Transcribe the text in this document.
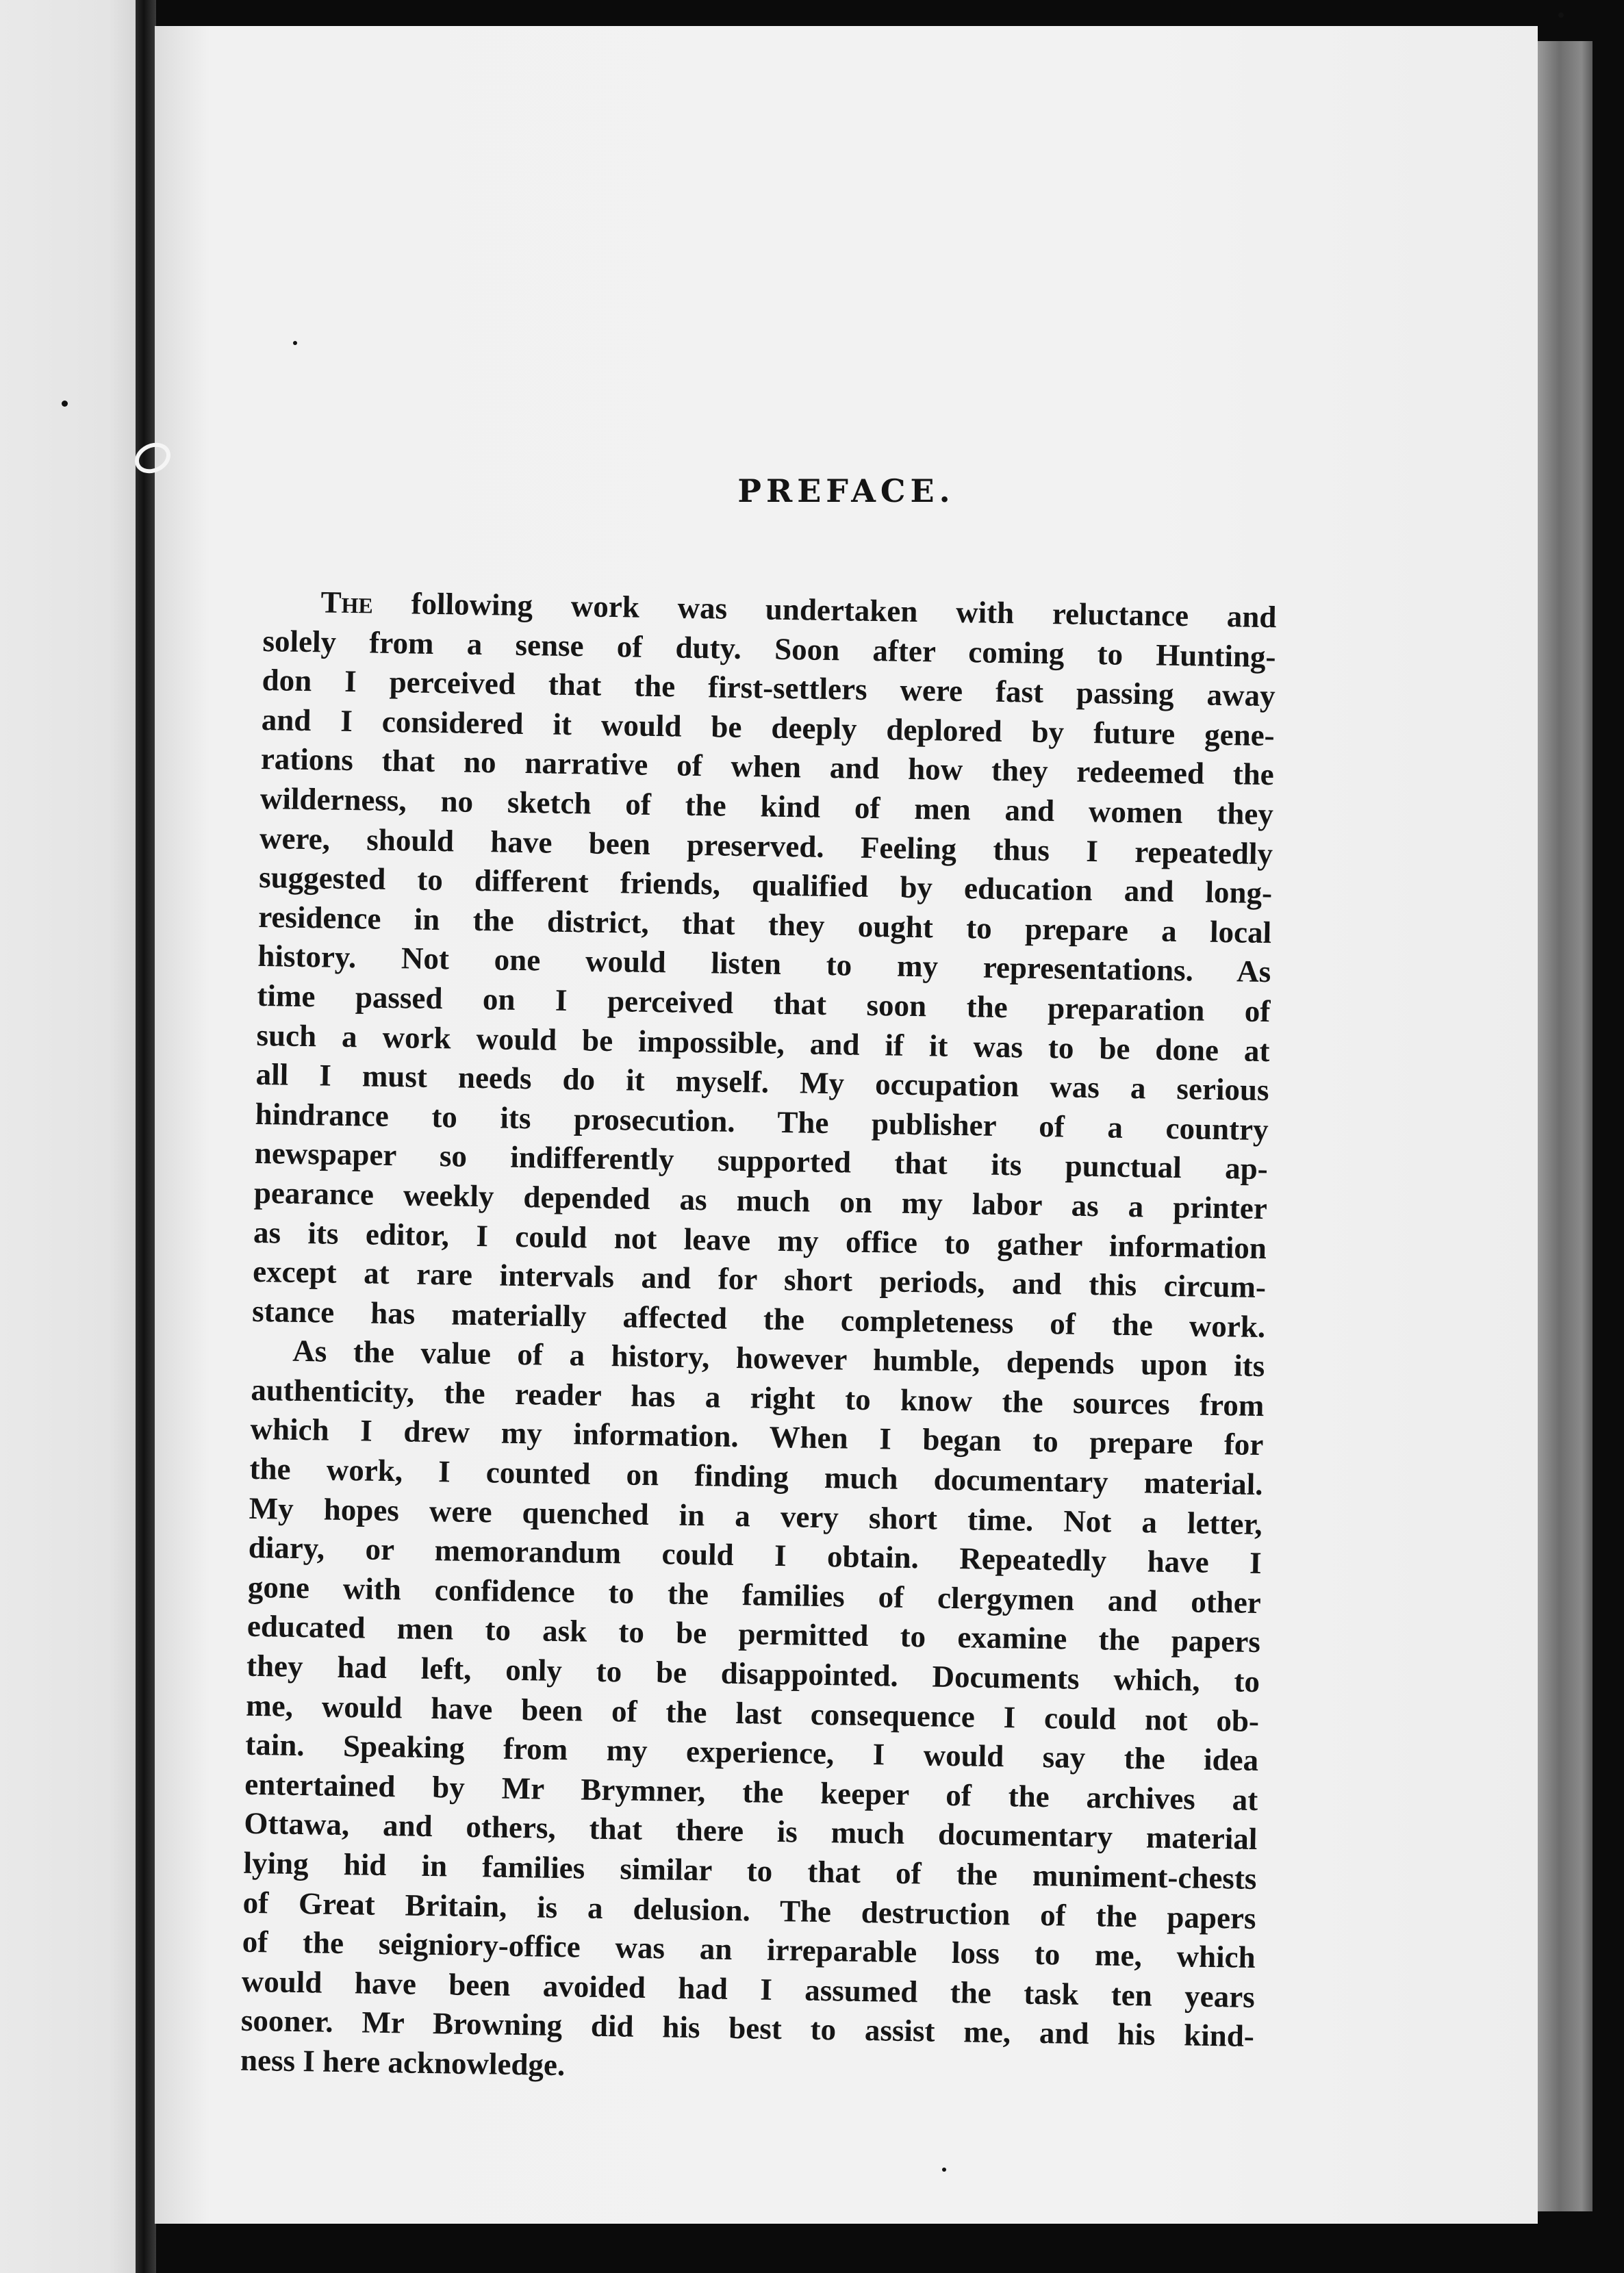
PREFACE.
The following work was undertaken with reluctance and
solely from a sense of duty. Soon after coming to Hunting-
don I perceived that the first-settlers were fast passing away
and I considered it would be deeply deplored by future gene-
rations that no narrative of when and how they redeemed the
wilderness, no sketch of the kind of men and women they
were, should have been preserved. Feeling thus I repeatedly
suggested to different friends, qualified by education and long-
residence in the district, that they ought to prepare a local
history. Not one would listen to my representations. As
time passed on I perceived that soon the preparation of
such a work would be impossible, and if it was to be done at
all I must needs do it myself. My occupation was a serious
hindrance to its prosecution. The publisher of a country
newspaper so indifferently supported that its punctual ap-
pearance weekly depended as much on my labor as a printer
as its editor, I could not leave my office to gather information
except at rare intervals and for short periods, and this circum-
stance has materially affected the completeness of the work.
As the value of a history, however humble, depends upon its
authenticity, the reader has a right to know the sources from
which I drew my information. When I began to prepare for
the work, I counted on finding much documentary material.
My hopes were quenched in a very short time. Not a letter,
diary, or memorandum could I obtain. Repeatedly have I
gone with confidence to the families of clergymen and other
educated men to ask to be permitted to examine the papers
they had left, only to be disappointed. Documents which, to
me, would have been of the last consequence I could not ob-
tain. Speaking from my experience, I would say the idea
entertained by Mr Brymner, the keeper of the archives at
Ottawa, and others, that there is much documentary material
lying hid in families similar to that of the muniment-chests
of Great Britain, is a delusion. The destruction of the papers
of the seigniory-office was an irreparable loss to me, which
would have been avoided had I assumed the task ten years
sooner. Mr Browning did his best to assist me, and his kind-
ness I here acknowledge.
